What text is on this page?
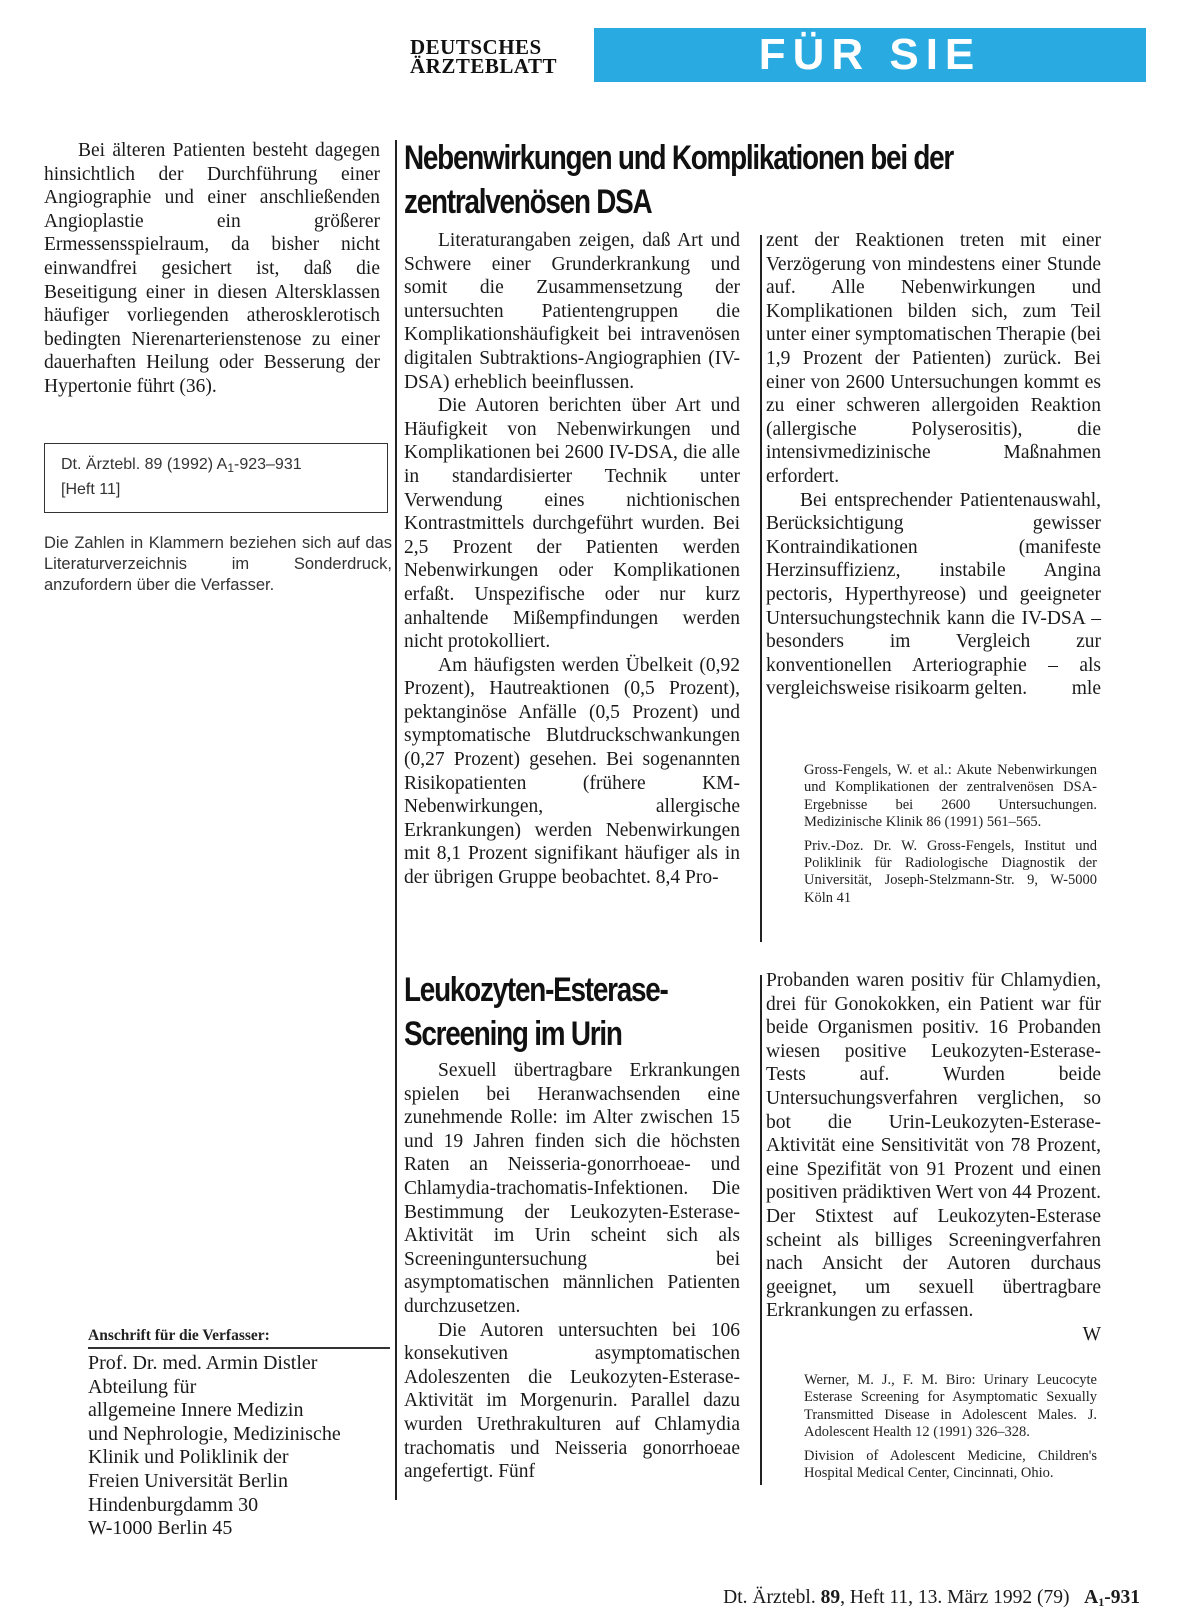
DEUTSCHES
ÄRZTEBLATT	FÜR SIE REFERIERT

Bei älteren Patienten besteht dagegen hinsichtlich der Durchführung einer Angiographie und einer anschließenden Angioplastie ein größerer Ermessensspielraum, da bisher nicht einwandfrei gesichert ist, daß die Beseitigung einer in diesen Altersklassen häufiger vorliegenden atherosklerotisch bedingten Nierenarterienstenose zu einer dauerhaften Heilung oder Besserung der Hypertonie führt (36).

Dt. Ärztebl. 89 (1992) $A_1-923-931$
[Heft 11]
Die Zahlen in Klammern beziehen sich auf das Literaturverzeichnis im Sonderdruck, anzufordern über die Verfasser.
Anschrift für die Verfasser:
Prof. Dr. med. Armin Distler
Abteilung für
allgemeine Innere Medizin
und Nephrologie, Medizinische
Klinik und Poliklinik der
Freien Universität Berlin
Hindenburgdamm 30
W-1000 Berlin 45
Nebenwirkungen und Komplikationen bei der
zentralvenösen DSA

Literaturangaben zeigen, daß Art und Schwere einer Grunderkrankung und somit die Zusammensetzung der untersuchten Patientengruppen die Komplikationshäufigkeit bei intravenösen digitalen Subtraktions-Angiographien (IV-DSA) erheblich beeinflussen.

Die Autoren berichten über Art und Häufigkeit von Nebenwirkungen und Komplikationen bei 2600 IV-DSA, die alle in standardisierter Technik unter Verwendung eines nichtionischen Kontrastmittels durchgeführt wurden. Bei 2,5 Prozent der Patienten werden Nebenwirkungen oder Komplikationen erfaßt. Unspezifische oder nur kurz anhaltende Mißempfindungen werden nicht protokolliert.

Am häufigsten werden Übelkeit (0,92 Prozent), Hautreaktionen (0,5 Prozent), pektanginöse Anfälle (0,5 Prozent) und symptomatische Blutdruckschwankungen (0,27 Prozent) gesehen. Bei sogenannten Risikopatienten (frühere KM-Nebenwirkungen, allergische Erkrankungen) werden Nebenwirkungen mit 8,1 Prozent signifikant häufiger als in der übrigen Gruppe beobachtet. 8,4 Pro-

zent der Reaktionen treten mit einer Verzögerung von mindestens einer Stunde auf. Alle Nebenwirkungen und Komplikationen bilden sich, zum Teil unter einer symptomatischen Therapie (bei 1,9 Prozent der Patienten) zurück. Bei einer von 2600 Untersuchungen kommt es zu einer schweren allergoiden Reaktion (allergische Polyserositis), die intensivmedizinische Maßnahmen erfordert.

Bei entsprechender Patientenauswahl, Berücksichtigung gewisser Kontraindikationen (manifeste Herzinsuffizienz, instabile Angina pectoris, Hyperthyreose) und geeigneter Untersuchungstechnik kann die IV-DSA – besonders im Vergleich zur konventionellen Arteriographie – als vergleichsweise risikoarm gelten.	mle

Gross-Fengels, W. et al.: Akute Nebenwirkungen und Komplikationen der zentralvenösen DSA-Ergebnisse bei 2600 Untersuchungen. Medizinische Klinik 86 (1991) 561–565.

Priv.-Doz. Dr. W. Gross-Fengels, Institut und Poliklinik für Radiologische Diagnostik der Universität, Joseph-Stelzmann-Str. 9, W-5000 Köln 41

Leukozyten-Esterase-
Screening im Urin

Sexuell übertragbare Erkrankungen spielen bei Heranwachsenden eine zunehmende Rolle: im Alter zwischen 15 und 19 Jahren finden sich die höchsten Raten an Neisseria-gonorrhoeae- und Chlamydia-trachomatis-Infektionen. Die Bestimmung der Leukozyten-Esterase-Aktivität im Urin scheint sich als Screeninguntersuchung bei asymptomatischen männlichen Patienten durchzusetzen.

Die Autoren untersuchten bei 106 konsekutiven asymptomatischen Adoleszenten die Leukozyten-Esterase-Aktivität im Morgenurin. Parallel dazu wurden Urethrakulturen auf Chlamydia trachomatis und Neisseria gonorrhoeae angefertigt. Fünf

Probanden waren positiv für Chlamydien, drei für Gonokokken, ein Patient war für beide Organismen positiv. 16 Probanden wiesen positive Leukozyten-Esterase-Tests auf. Wurden beide Untersuchungsverfahren verglichen, so bot die Urin-Leukozyten-Esterase-Aktivität eine Sensitivität von 78 Prozent, eine Spezifität von 91 Prozent und einen positiven prädiktiven Wert von 44 Prozent. Der Stixtest auf Leukozyten-Esterase scheint als billiges Screeningverfahren nach Ansicht der Autoren durchaus geeignet, um sexuell übertragbare Erkrankungen zu erfassen.

W

Werner, M. J., F. M. Biro: Urinary Leucocyte Esterase Screening for Asymptomatic Sexually Transmitted Disease in Adolescent Males. J. Adolescent Health 12 (1991) 326–328.

Division of Adolescent Medicine, Children's Hospital Medical Center, Cincinnati, Ohio.

Dt. Ärztebl. 89, Heft 11, 13. März 1992 (79) $A_1-931$
